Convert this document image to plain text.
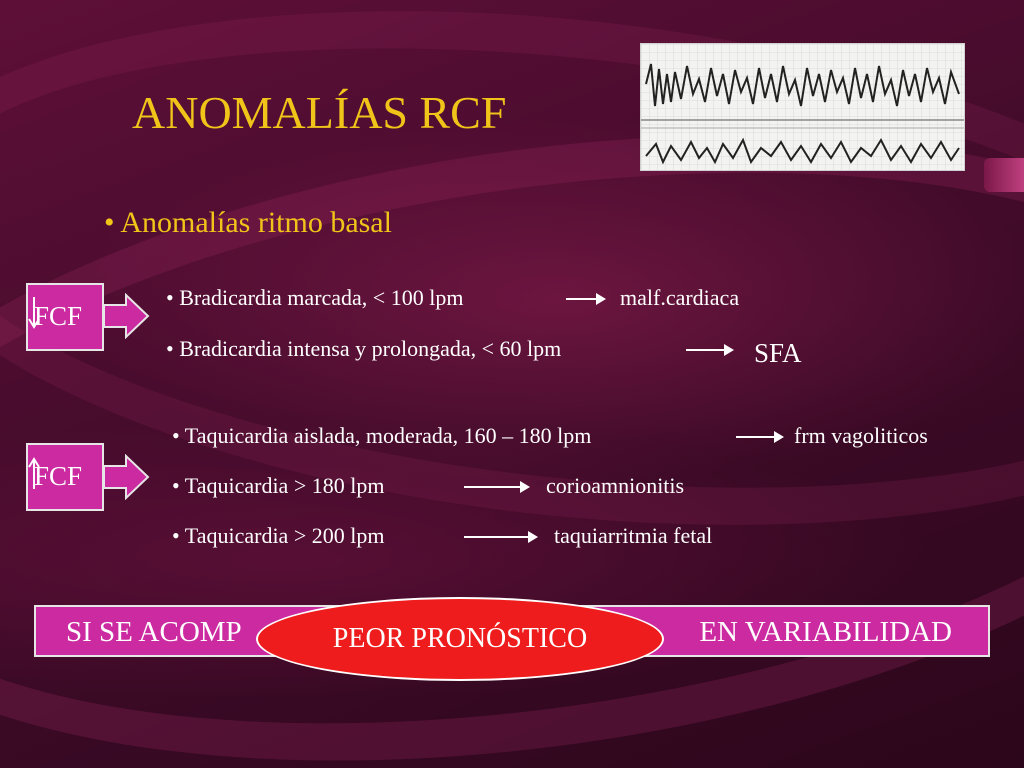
ANOMALÍAS RCF
• Anomalías ritmo basal
FCF
FCF
• Bradicardia marcada, < 100 lpm	malf.cardiaca
• Bradicardia intensa y prolongada, < 60 lpm	SFA
• Taquicardia aislada, moderada, 160 – 180 lpm	frm vagoliticos
• Taquicardia > 180 lpm	corioamnionitis
• Taquicardia > 200 lpm	taquiarritmia fetal
SI SE ACOMP	EN VARIABILIDAD
PEOR PRONÓSTICO
